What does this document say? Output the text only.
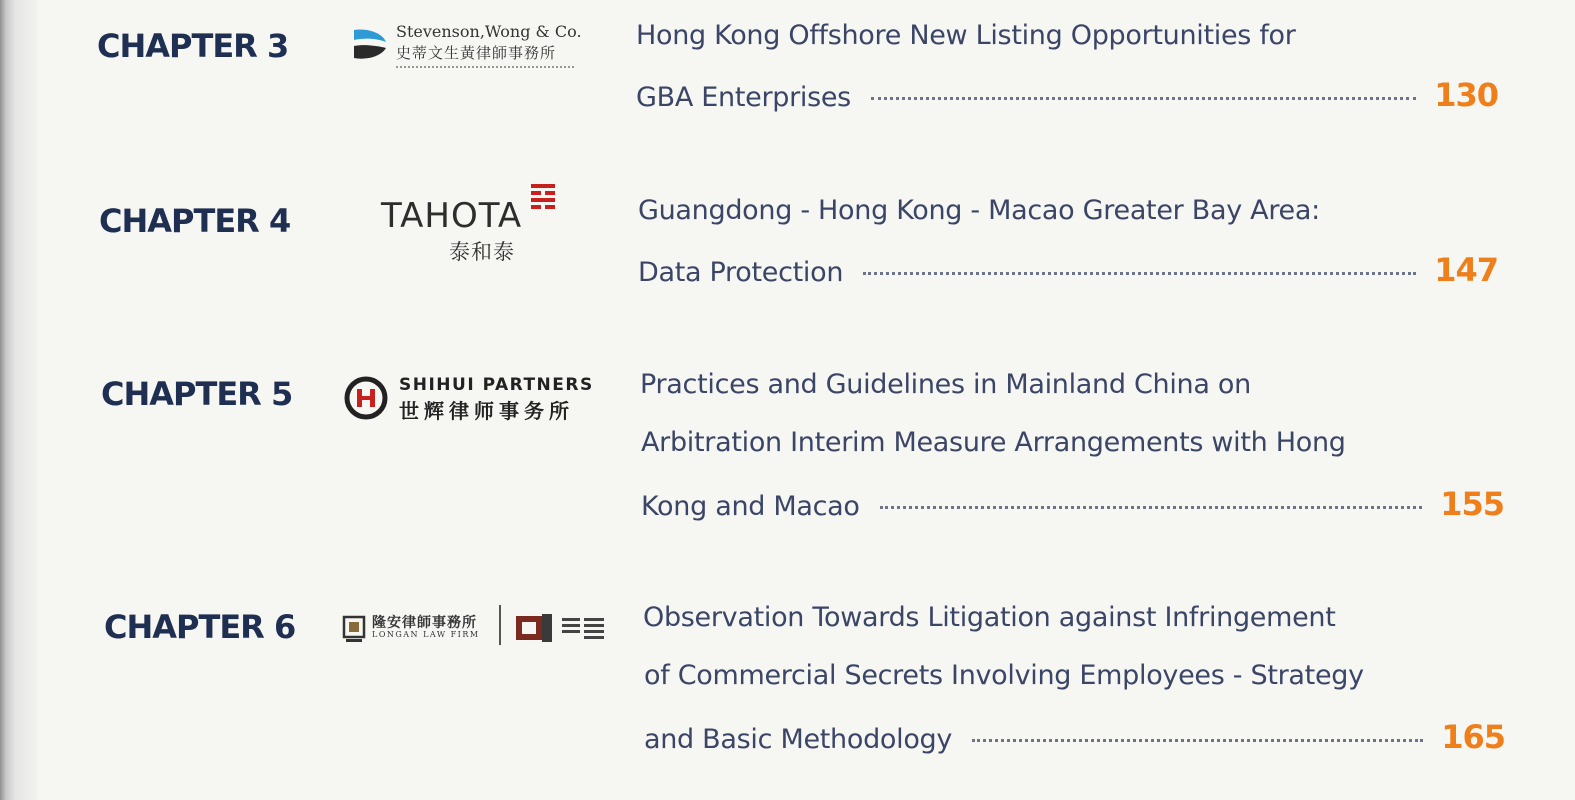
CHAPTER 3	Stevenson,Wong & Co.
史蒂文生黃律師事務所
Hong Kong Offshore New Listing Opportunities for
GBA Enterprises	130
CHAPTER 4	TAHOTA
泰和泰
Guangdong - Hong Kong - Macao Greater Bay Area:
Data Protection	147
CHAPTER 5	SHIHUI PARTNERS
世辉律师事务所
Practices and Guidelines in Mainland China on
Arbitration Interim Measure Arrangements with Hong
Kong and Macao	155
CHAPTER 6	隆安律師事務所
LONGAN LAW FIRM
Observation Towards Litigation against Infringement
of Commercial Secrets Involving Employees - Strategy
and Basic Methodology	165
